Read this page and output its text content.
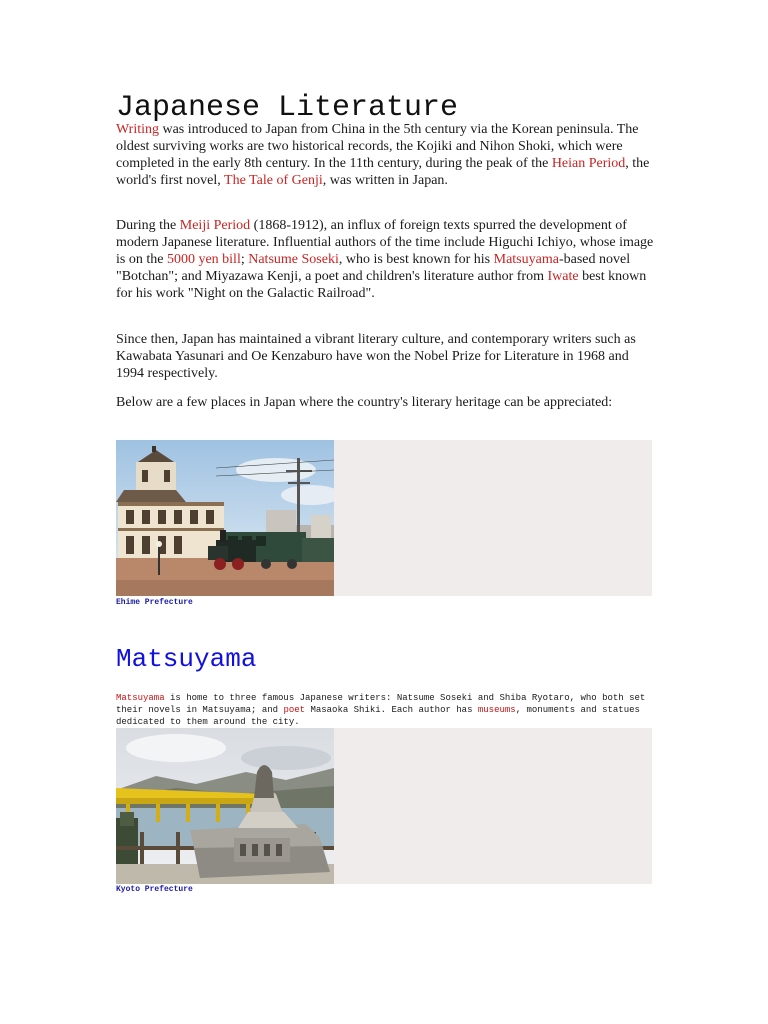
Japanese Literature

Writing was introduced to Japan from China in the 5th century via the Korean peninsula. The oldest surviving works are two historical records, the Kojiki and Nihon Shoki, which were completed in the early 8th century. In the 11th century, during the peak of the Heian Period, the world's first novel, The Tale of Genji, was written in Japan.

During the Meiji Period (1868-1912), an influx of foreign texts spurred the development of modern Japanese literature. Influential authors of the time include Higuchi Ichiyo, whose image is on the 5000 yen bill; Natsume Soseki, who is best known for his Matsuyama-based novel "Botchan"; and Miyazawa Kenji, a poet and children's literature author from Iwate best known for his work "Night on the Galactic Railroad".

Since then, Japan has maintained a vibrant literary culture, and contemporary writers such as Kawabata Yasunari and Oe Kenzaburo have won the Nobel Prize for Literature in 1968 and 1994 respectively.

Below are a few places in Japan where the country's literary heritage can be appreciated:

Ehime Prefecture

Matsuyama

Matsuyama is home to three famous Japanese writers: Natsume Soseki and Shiba Ryotaro, who both set their novels in Matsuyama; and poet Masaoka Shiki. Each author has museums, monuments and statues dedicated to them around the city.

Kyoto Prefecture
